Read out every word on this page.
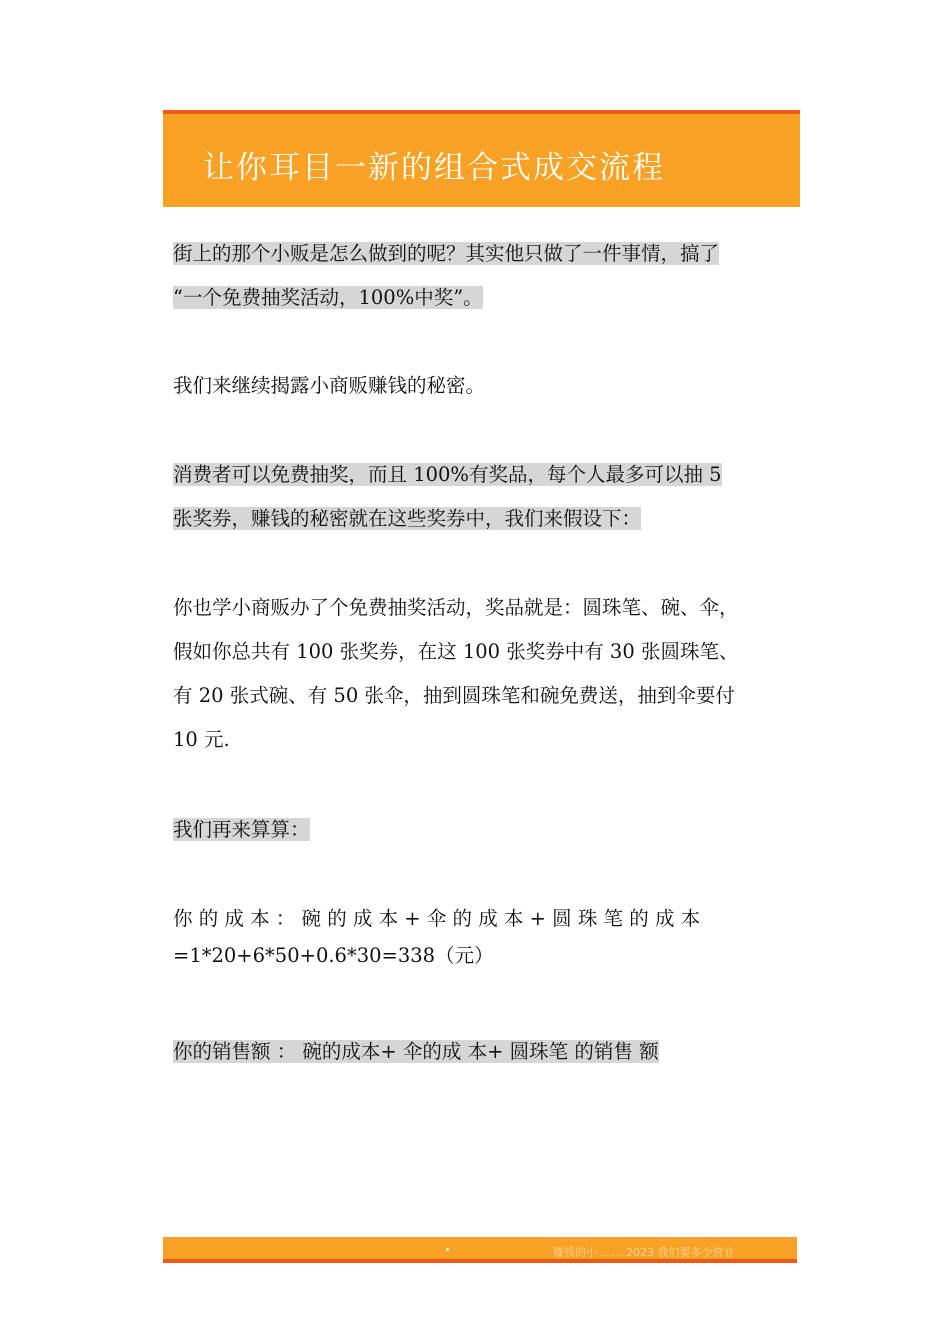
让你耳目一新的组合式成交流程

街上的那个小贩是怎么做到的呢？其实他只做了一件事情，搞了
“一个免费抽奖活动，100%中奖”。

我们来继续揭露小商贩赚钱的秘密。

消费者可以免费抽奖，而且 100%有奖品，每个人最多可以抽 5
张奖券，赚钱的秘密就在这些奖券中，我们来假设下：

你也学小商贩办了个免费抽奖活动，奖品就是：圆珠笔、碗、伞，
假如你总共有 100 张奖券，在这 100 张奖券中有 30 张圆珠笔、
有 20 张式碗、有 50 张伞，抽到圆珠笔和碗免费送，抽到伞要付
10 元.

我们再来算算：

你 的 成 本 ： 碗 的 成 本 + 伞 的 成 本 + 圆 珠 笔 的 成 本
=1*20+6*50+0.6*30=338（元）

你的销售额 ： 碗的成本+ 伞的成 本+ 圆珠笔 的销售 额

赚钱的小 …… 2023 我们要多少营业
